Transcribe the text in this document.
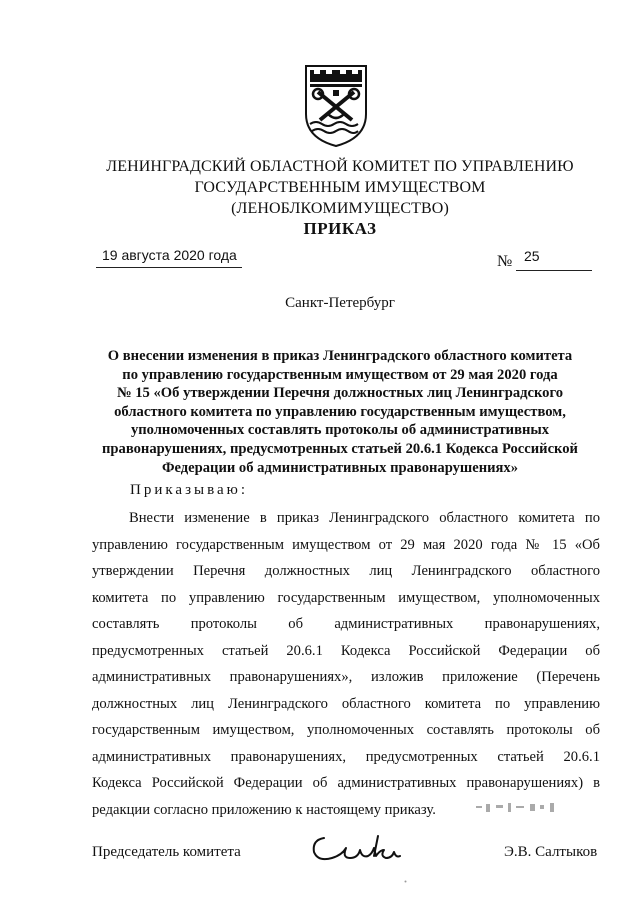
ЛЕНИНГРАДСКИЙ ОБЛАСТНОЙ КОМИТЕТ ПО УПРАВЛЕНИЮ
ГОСУДАРСТВЕННЫМ ИМУЩЕСТВОМ
(ЛЕНОБЛКОМИМУЩЕСТВО)
ПРИКАЗ
19 августа 2020 года	№ 25
Санкт-Петербург
О внесении изменения в приказ Ленинградского областного комитета
по управлению государственным имуществом от 29 мая 2020 года
№ 15 «Об утверждении Перечня должностных лиц Ленинградского
областного комитета по управлению государственным имуществом,
уполномоченных составлять протоколы об административных
правонарушениях, предусмотренных статьей 20.6.1 Кодекса Российской
Федерации об административных правонарушениях»
Приказываю:
Внести изменение в приказ Ленинградского областного комитета по
управлению государственным имуществом от 29 мая 2020 года № 15 «Об
утверждении Перечня должностных лиц Ленинградского областного
комитета по управлению государственным имуществом, уполномоченных
составлять протоколы об административных правонарушениях,
предусмотренных статьей 20.6.1 Кодекса Российской Федерации об
административных правонарушениях», изложив приложение (Перечень
должностных лиц Ленинградского областного комитета по управлению
государственным имуществом, уполномоченных составлять протоколы об
административных правонарушениях, предусмотренных статьей 20.6.1
Кодекса Российской Федерации об административных правонарушениях) в
редакции согласно приложению к настоящему приказу.
Председатель комитета	Э.В. Салтыков
